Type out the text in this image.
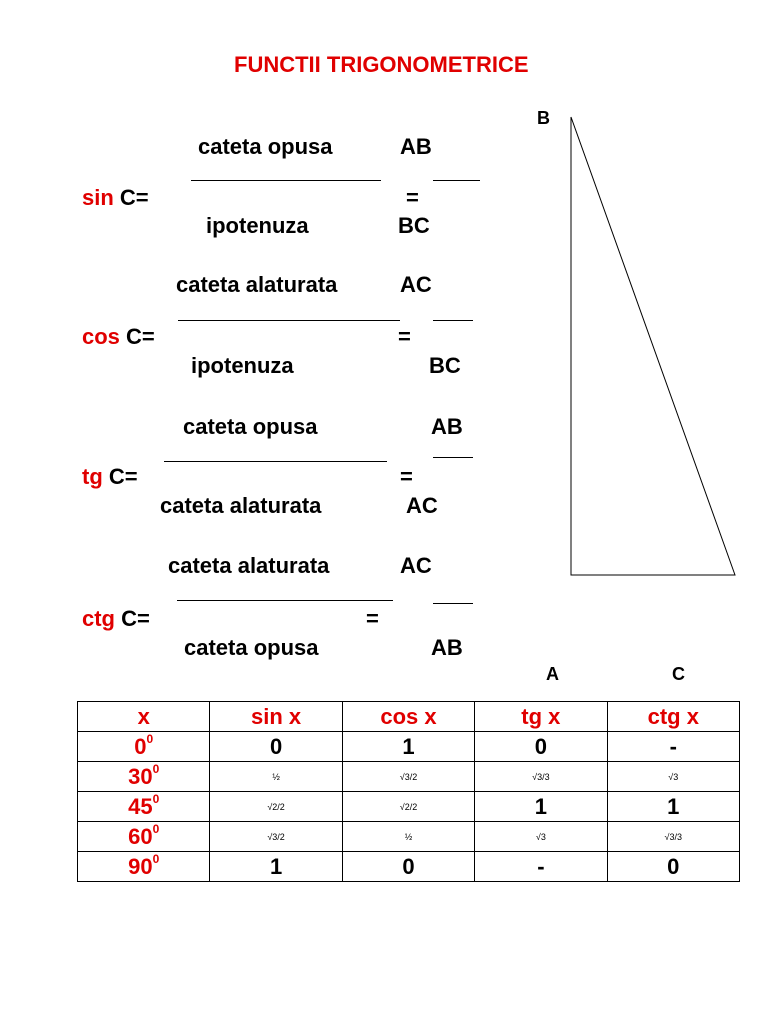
FUNCTII TRIGONOMETRICE
cateta opusa	AB
sin C=	=
ipotenuza	BC
cateta alaturata	AC
cos C=	=
ipotenuza	BC
cateta opusa	AB
tg C=	=
cateta alaturata	AC
cateta alaturata	AC
ctg C=	=
cateta opusa	AB
B
A	C
x	sin x	cos x	tg x	ctg x
$0^0$	0	1	0	-
$30^0$	½	√3/2	√3/3	√3
$45^0$	√2/2	√2/2	1	1
$60^0$	√3/2	½	√3	√3/3
$90^0$	1	0	-	0
